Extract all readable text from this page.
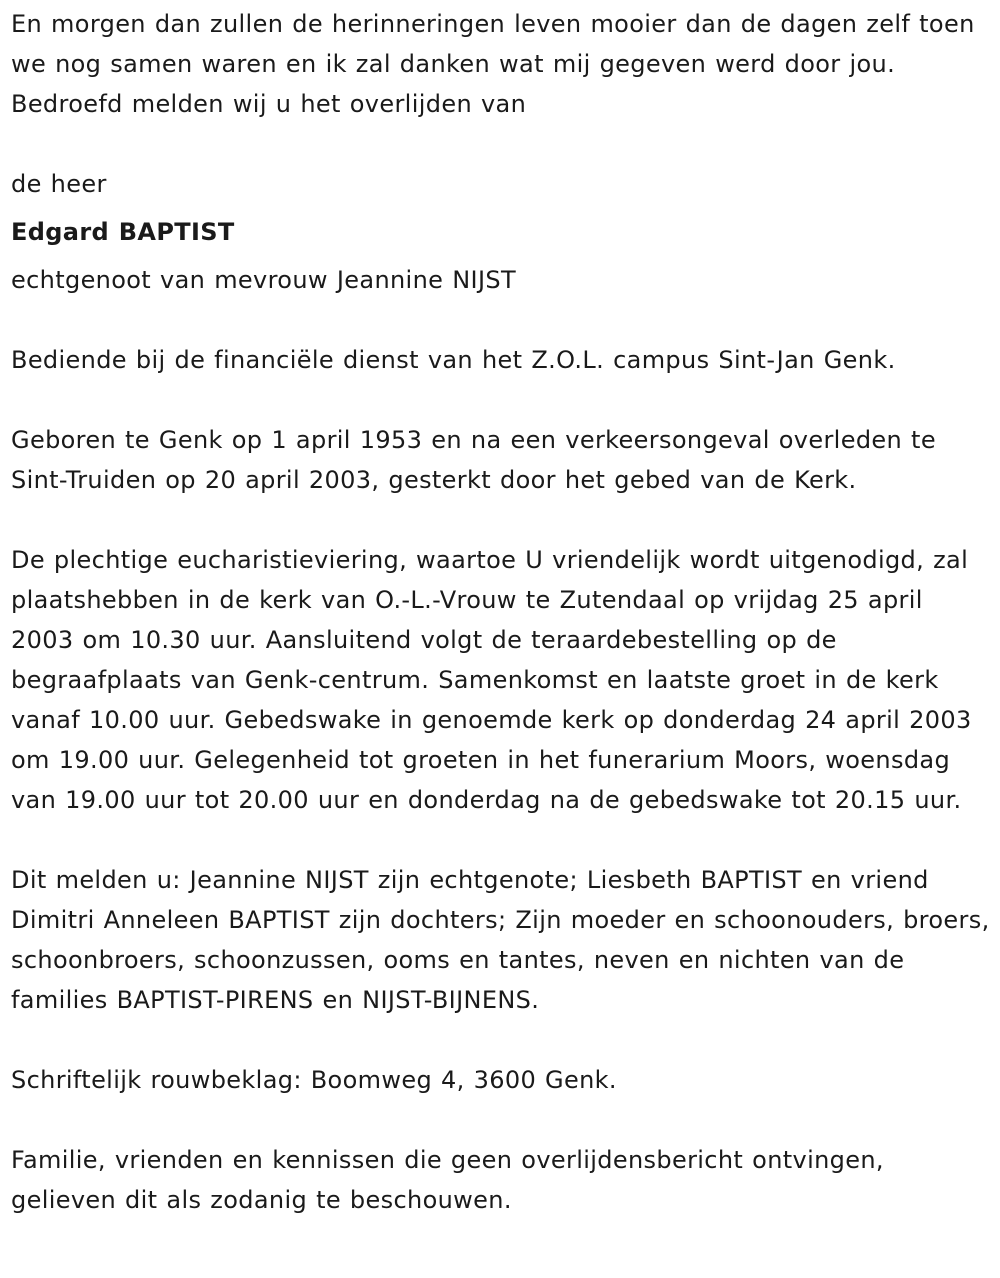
En morgen dan zullen de herinneringen leven mooier dan de dagen zelf toen we nog samen waren en ik zal danken wat mij gegeven werd door jou. Bedroefd melden wij u het overlijden van

de heer

Edgard BAPTIST

echtgenoot van mevrouw Jeannine NIJST

Bediende bij de financiële dienst van het Z.O.L. campus Sint-Jan Genk.

Geboren te Genk op 1 april 1953 en na een verkeersongeval overleden te Sint-Truiden op 20 april 2003, gesterkt door het gebed van de Kerk.

De plechtige eucharistieviering, waartoe U vriendelijk wordt uitgenodigd, zal plaatshebben in de kerk van O.-L.-Vrouw te Zutendaal op vrijdag 25 april 2003 om 10.30 uur. Aansluitend volgt de teraardebestelling op de begraafplaats van Genk-centrum. Samenkomst en laatste groet in de kerk vanaf 10.00 uur. Gebedswake in genoemde kerk op donderdag 24 april 2003 om 19.00 uur. Gelegenheid tot groeten in het funerarium Moors, woensdag van 19.00 uur tot 20.00 uur en donderdag na de gebedswake tot 20.15 uur.

Dit melden u: Jeannine NIJST zijn echtgenote; Liesbeth BAPTIST en vriend Dimitri Anneleen BAPTIST zijn dochters; Zijn moeder en schoonouders, broers, schoonbroers, schoonzussen, ooms en tantes, neven en nichten van de families BAPTIST-PIRENS en NIJST-BIJNENS.

Schriftelijk rouwbeklag: Boomweg 4, 3600 Genk.

Familie, vrienden en kennissen die geen overlijdensbericht ontvingen, gelieven dit als zodanig te beschouwen.
